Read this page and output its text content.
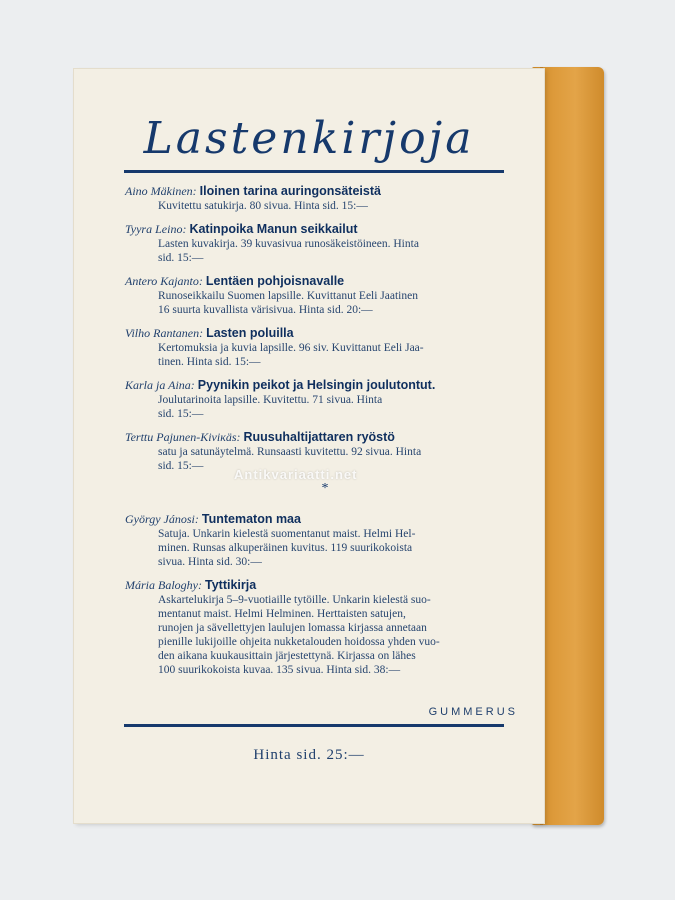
Lastenkirjoja
Aino Mäkinen: Iloinen tarina auringonsäteistä
Kuvitettu satukirja. 80 sivua. Hinta sid. 15:—
Tyyra Leino: Katinpoika Manun seikkailut
Lasten kuvakirja. 39 kuvasivua runosäkeistöineen. Hinta
sid. 15:—
Antero Kajanto: Lentäen pohjoisnavalle
Runoseikkailu Suomen lapsille. Kuvittanut Eeli Jaatinen
16 suurta kuvallista värisivua. Hinta sid. 20:—
Vilho Rantanen: Lasten poluilla
Kertomuksia ja kuvia lapsille. 96 siv. Kuvittanut Eeli Jaa-
tinen. Hinta sid. 15:—
Karla ja Aina: Pyynikin peikot ja Helsingin joulutontut.
Joulutarinoita lapsille. Kuvitettu. 71 sivua. Hinta
sid. 15:—
Terttu Pajunen-Kiviкäs: Ruusuhaltijattaren ryöstö
satu ja satunäytelmä. Runsaasti kuvitettu. 92 sivua. Hinta
sid. 15:—
*
György Jánosi: Tuntematon maa
Satuja. Unkarin kielestä suomentanut maist. Helmi Hel-
minen. Runsas alkuperäinen kuvitus. 119 suurikokoista
sivua. Hinta sid. 30:—
Mária Baloghy: Tyttikirja
Askartelukirja 5–9-vuotiaille tytöille. Unkarin kielestä suo-
mentanut maist. Helmi Helminen. Herttaisten satujen,
runojen ja sävellettyjen laulujen lomassa kirjassa annetaan
pienille lukijoille ohjeita nukketalouden hoidossa yhden vuo-
den aikana kuukausittain järjestettynä. Kirjassa on lähes
100 suurikokoista kuvaa. 135 sivua. Hinta sid. 38:—
GUMMERUS
Hinta sid. 25:—
Antikvariaatti.net
